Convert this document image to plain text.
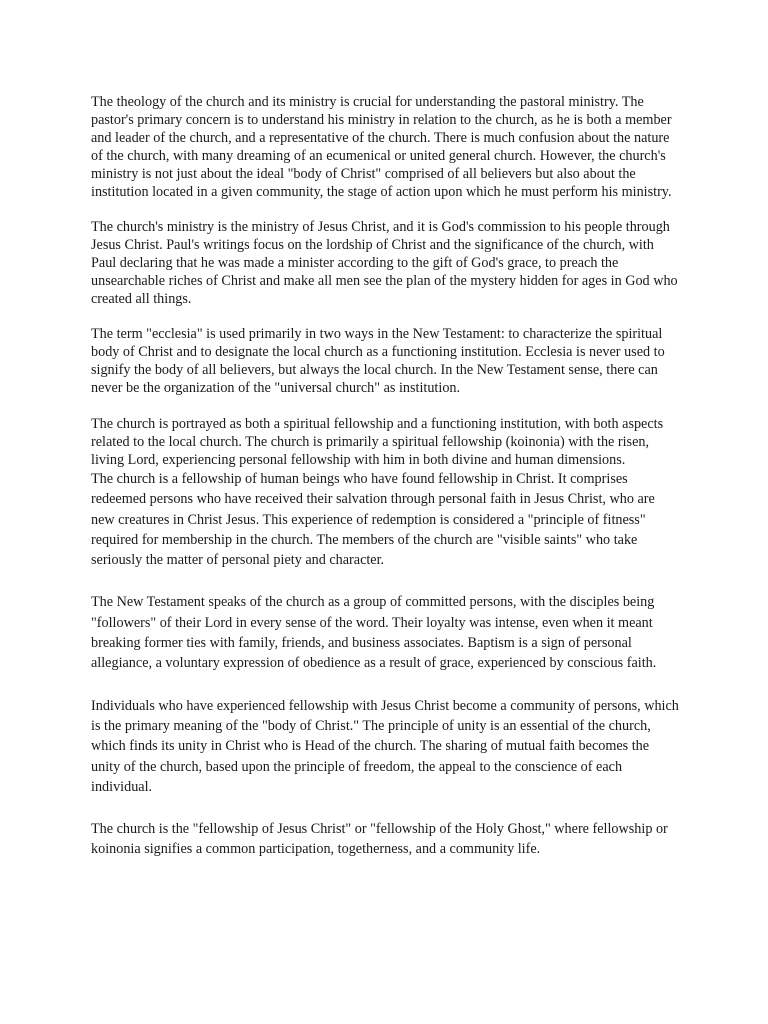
The theology of the church and its ministry is crucial for understanding the pastoral ministry. The pastor's primary concern is to understand his ministry in relation to the church, as he is both a member and leader of the church, and a representative of the church. There is much confusion about the nature of the church, with many dreaming of an ecumenical or united general church. However, the church's ministry is not just about the ideal "body of Christ" comprised of all believers but also about the institution located in a given community, the stage of action upon which he must perform his ministry.

The church's ministry is the ministry of Jesus Christ, and it is God's commission to his people through Jesus Christ. Paul's writings focus on the lordship of Christ and the significance of the church, with Paul declaring that he was made a minister according to the gift of God's grace, to preach the unsearchable riches of Christ and make all men see the plan of the mystery hidden for ages in God who created all things.

The term "ecclesia" is used primarily in two ways in the New Testament: to characterize the spiritual body of Christ and to designate the local church as a functioning institution. Ecclesia is never used to signify the body of all believers, but always the local church. In the New Testament sense, there can never be the organization of the "universal church" as institution.

The church is portrayed as both a spiritual fellowship and a functioning institution, with both aspects related to the local church. The church is primarily a spiritual fellowship (koinonia) with the risen, living Lord, experiencing personal fellowship with him in both divine and human dimensions.

The church is a fellowship of human beings who have found fellowship in Christ. It comprises redeemed persons who have received their salvation through personal faith in Jesus Christ, who are new creatures in Christ Jesus. This experience of redemption is considered a "principle of fitness" required for membership in the church. The members of the church are "visible saints" who take seriously the matter of personal piety and character.

The New Testament speaks of the church as a group of committed persons, with the disciples being "followers" of their Lord in every sense of the word. Their loyalty was intense, even when it meant breaking former ties with family, friends, and business associates. Baptism is a sign of personal allegiance, a voluntary expression of obedience as a result of grace, experienced by conscious faith.

Individuals who have experienced fellowship with Jesus Christ become a community of persons, which is the primary meaning of the "body of Christ." The principle of unity is an essential of the church, which finds its unity in Christ who is Head of the church. The sharing of mutual faith becomes the unity of the church, based upon the principle of freedom, the appeal to the conscience of each individual.

The church is the "fellowship of Jesus Christ" or "fellowship of the Holy Ghost," where fellowship or koinonia signifies a common participation, togetherness, and a community life.
